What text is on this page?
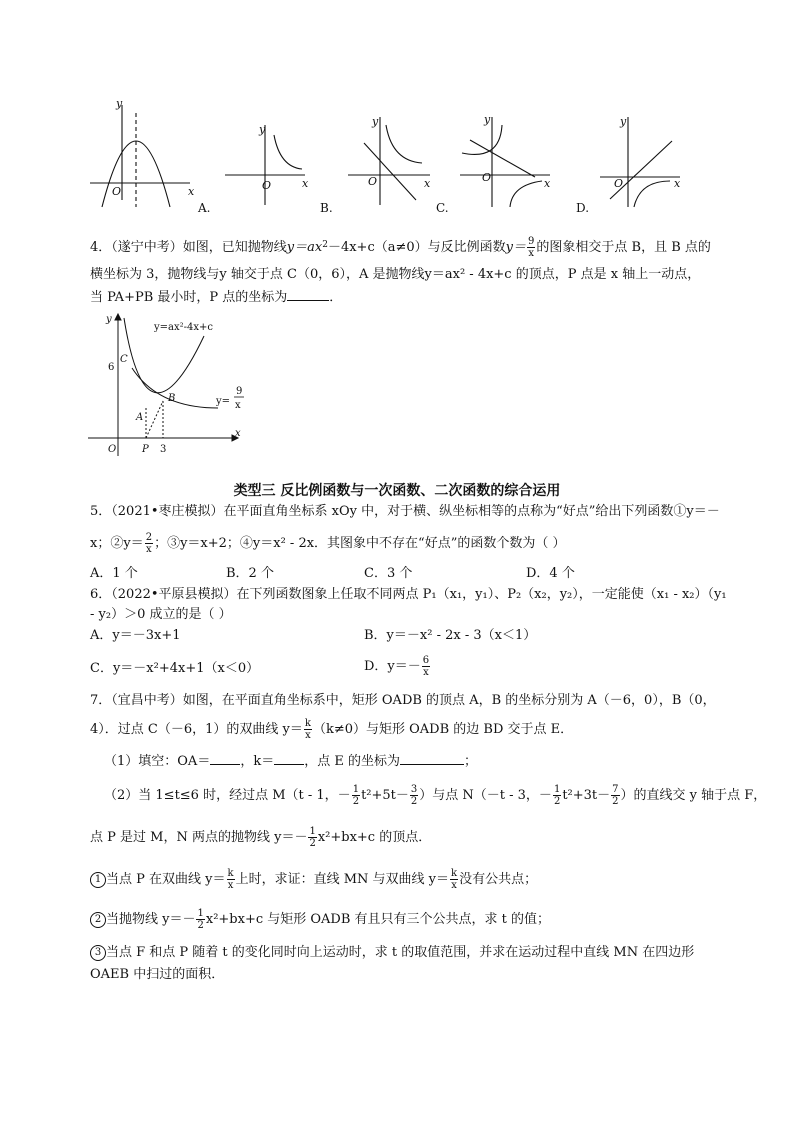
y
x
O
y
x
O
y
x
O
y
x
O
y
x
O
A.	B.	C.	D.
4．（遂宁中考）如图，已知抛物线$y=ax^2-4x+c(a\ne 0)$与反比例函数$y= \frac{9}{x}$ 的图象相交于点 B，且 B 点的
横坐标为 3，抛物线与y 轴交于点 C（0，6），A 是抛物线y＝ax² - 4x+c 的顶点，P 点是 x 轴上一动点，
当 PA+PB 最小时，P 点的坐标为	．
y
x
O
6
C
A
B
P 3
y=ax²-4x+c
y=
9
x
类型三 反比例函数与一次函数、二次函数的综合运用
5．（2021•枣庄模拟）在平面直角坐标系 xOy 中，对于横、纵坐标相等的点称为“好点”给出下列函数①y＝－
x；②y＝ $\frac{2}{x}$ ；③y＝x+2；④y＝x² - 2x．其图象中不存在“好点”的函数个数为（ ）
A．1 个	B．2 个	C．3 个	D．4 个
6．（2022•平原县模拟）在下列函数图象上任取不同两点 P₁（x₁，y₁）、P₂（x₂，y₂），一定能使（x₁ - x₂）（y₁
- y₂）＞0 成立的是（ ）
A．y＝－3x+1	B．y＝－x² - 2x - 3（x＜1）
C．y＝－x²+4x+1（x＜0）	D．$y=- \frac{6}{x}$
7．（宜昌中考）如图，在平面直角坐标系中，矩形 OADB 的顶点 A，B 的坐标分别为 A（－6，0），B（0，
4）．过点 C（－6，1）的双曲线 $y= \frac{k}{x} (k\ne 0)$与矩形 OADB 的边 BD 交于点 E．
（1）填空：OA＝ ，k＝ ，点 E 的坐标为	；
（2）当 1≤t≤6 时，经过点 M（t - 1，－ $\frac{1}{2} t^2+5t- \frac{3}{2}$ ）与点 N（－t - 3，－ $\frac{1}{2} t^2+3t- \frac{7}{2}$ ）的直线交 y 轴于点 F，
点 P 是过 M，N 两点的抛物线 $y=- \frac{1}{2} x^2+bx+c$ 的顶点．
1 当点 P 在双曲线 $y= \frac{k}{x}$ 上时，求证：直线 MN 与双曲线 $y= \frac{k}{x}$ 没有公共点；
2 当抛物线 $y=- \frac{1}{2} x^2+bx+c$ 与矩形 OADB 有且只有三个公共点，求 t 的值；
3 当点 F 和点 P 随着 t 的变化同时向上运动时，求 t 的取值范围，并求在运动过程中直线 MN 在四边形
OAEB 中扫过的面积．
